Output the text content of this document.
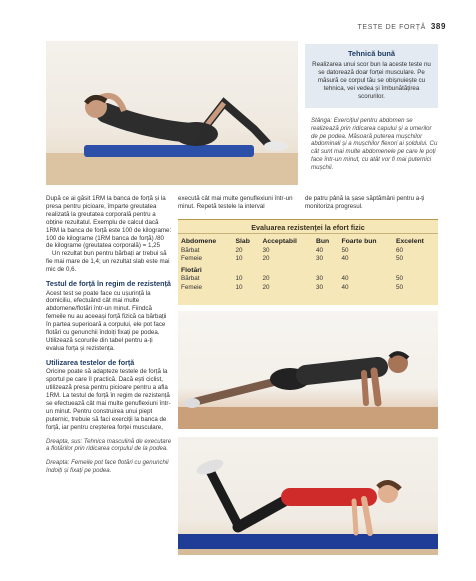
TESTE DE FORȚĂ 389
Tehnică bună

Realizarea unui scor bun la aceste teste nu se datorează doar forței musculare. Pe măsură ce corpul tău se obișnuiește cu tehnica, vei vedea și îmbunătățirea scorurilor.

Stânga: Exercițiul pentru abdomen se realizează prin ridicarea capului și a umerilor de pe podea. Măsoară puterea mușchilor abdominali și a mușchilor flexori ai șoldului. Cu cât sunt mai multe abdomenele pe care le poți face într-un minut, cu atât vor fi mai puternici mușchii.

După ce ai găsit 1RM la banca de forță și la presa pentru picioare, împarte greutatea realizată la greutatea corporală pentru a obține rezultatul. Exemplu de calcul dacă 1RM la banca de forță este 100 de kilograme: 100 de kilograme (1RM banca de forță) /80 de kilograme (greutatea corporală) = 1,25

Un rezultat bun pentru bărbați ar trebui să fie mai mare de 1,4; un rezultat slab este mai mic de 0,6.

Testul de forță în regim de rezistență

Acest test se poate face cu ușurință la domiciliu, efectuând cât mai multe abdomene/flotări într-un minut. Fiindcă femeile nu au aceeași forță fizică ca bărbații în partea superioară a corpului, ele pot face flotări cu genunchii îndoiți fixați pe podea. Utilizează scorurile din tabel pentru a-ți evalua forța și rezistența.

Utilizarea testelor de forță

Oricine poate să adapteze testele de forță la sportul pe care îl practică. Dacă ești ciclist, utilizează presa pentru picioare pentru a afla 1RM. La testul de forță în regim de rezistență se efectuează cât mai multe genuflexiuni într-un minut. Pentru construirea unui piept puternic, trebuie să faci exerciții la banca de forță, iar pentru creșterea forței musculare,

Dreapta, sus: Tehnica masculină de executare a flotărilor prin ridicarea corpului de la podea.

Dreapta: Femeile pot face flotări cu genunchii îndoiți și fixați pe podea.

execută cât mai multe genuflexiuni într-un minut. Repetă testele la interval

de patru până la șase săptămâni pentru a-ți monitoriza progresul.

Evaluarea rezistenței la efort fizic
Abdomene	Slab	Acceptabil	Bun	Foarte bun	Excelent
Bărbat	20	30	40	50	60
Femeie	10	20	30	40	50
Flotări					
Bărbat	10	20	30	40	50
Femeie	10	20	30	40	50
